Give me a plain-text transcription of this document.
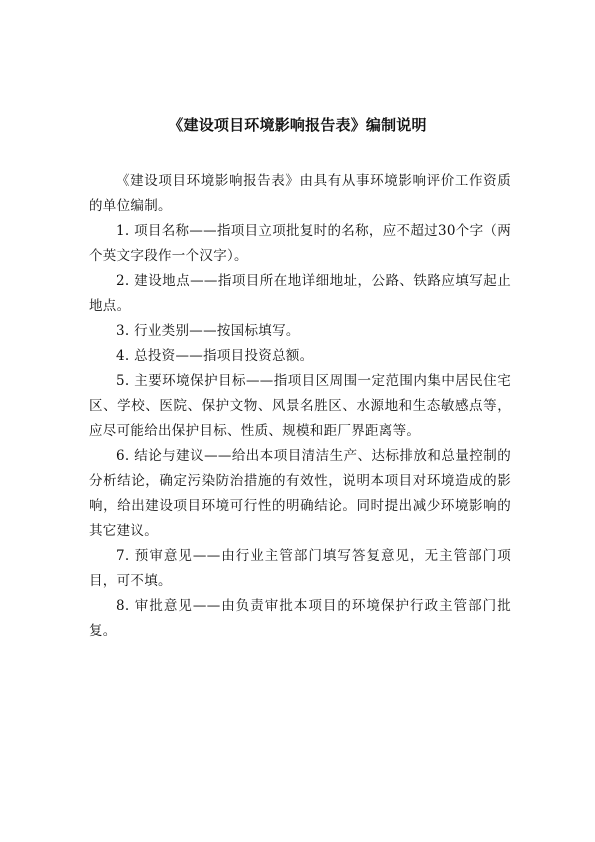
《建设项目环境影响报告表》编制说明

《建设项目环境影响报告表》由具有从事环境影响评价工作资质的单位编制。

1. 项目名称——指项目立项批复时的名称，应不超过30个字（两个英文字段作一个汉字）。

2. 建设地点——指项目所在地详细地址，公路、铁路应填写起止地点。

3. 行业类别——按国标填写。

4. 总投资——指项目投资总额。

5. 主要环境保护目标——指项目区周围一定范围内集中居民住宅区、学校、医院、保护文物、风景名胜区、水源地和生态敏感点等，应尽可能给出保护目标、性质、规模和距厂界距离等。

6. 结论与建议——给出本项目清洁生产、达标排放和总量控制的分析结论，确定污染防治措施的有效性，说明本项目对环境造成的影响，给出建设项目环境可行性的明确结论。同时提出减少环境影响的其它建议。

7. 预审意见——由行业主管部门填写答复意见，无主管部门项目，可不填。

8. 审批意见——由负责审批本项目的环境保护行政主管部门批复。
